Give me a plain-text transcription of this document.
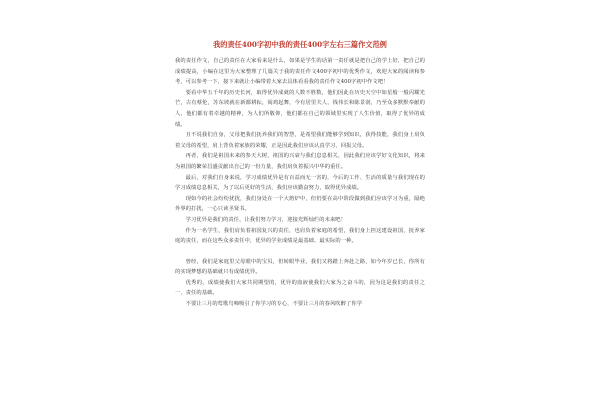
我的责任400字初中我的责任400字左右三篇作文范例

我的责任作文，自己的责任在大家看来是什么，如果是学生的话第一责任就是把自己的学上好，把自己的成绩提高，小编在这里为大家整理了几篇关于我的责任作文400字初中的优秀作文，欢迎大家的阅读和参考，可以参考一下，接下来就让小编带着大家去具体看看我的责任作文400字初中作文吧！

要看中华五千年的历史长河，取得优异成就的人数不胜数，他们因此在历史天空中如星般一般闪耀光芒，古有蔡伦，苏东坡就在新都耕耘，阅鸡起舞，今有居里夫人、钱伟长和陈景润，乃至众多默默奉献的人，他们都有着卓越的精神，为人们所敬仰，他们都在自己的领域里实现了人生价值，取得了优异的成绩。

且不说我们自身，父母把我们抚养我们的智慧，是希望我们能够学到知识，获得技能，我们身上肩负着父母的希望，肩上背负着家族的荣耀，正是因此我们应该认真学习，回报父母。

再者，我们是祖国未来的参天大树，祖国的兴衰与我们息息相关，因此我们应该学好文化知识，将来为祖国的繁荣昌盛贡献出自己的一份力量，我们肩负着振兴中华的重任。

最后，对我们自身来说，学习成绩优异是有百益而无一害的，今后的工作、生活的质量与我们现在的学习成绩息息相关，为了以后更好的生活，我们应该勤奋努力，取得优异成绩。

现如今的社会纷纷扰扰，我们身处在一个大熔炉中，但仍要在高中阶段做到我们应该学习为重，隔绝外界的打扰，一心只读圣贤书。

学习优异是我们的责任，让我们努力学习，迎接光辉灿烂的未来吧！

作为一名学生，我们肩负着祖国复兴的责任，也肩负着家庭的希望，我们身上担这建设祖国，抚养家庭的责任，而在这些众多责任中，优异的学业成绩是最基础、最实际的一种。

曾经，我们是家庭里父母眼中的宝贝，但转眼毕业，我们又将踏上奔赴之路，如今年岁已长，你所有的实现梦想的基础就只有成绩优异。

优秀的，成绩使我们大家共同期望的，优异的血液使我们大家为之奋斗的，因为这是我们的责任之一，责任的基础。

不要让三月的莺歌鸟啼吸引了你学习的专心，不要让三月的春风吹醉了你学
